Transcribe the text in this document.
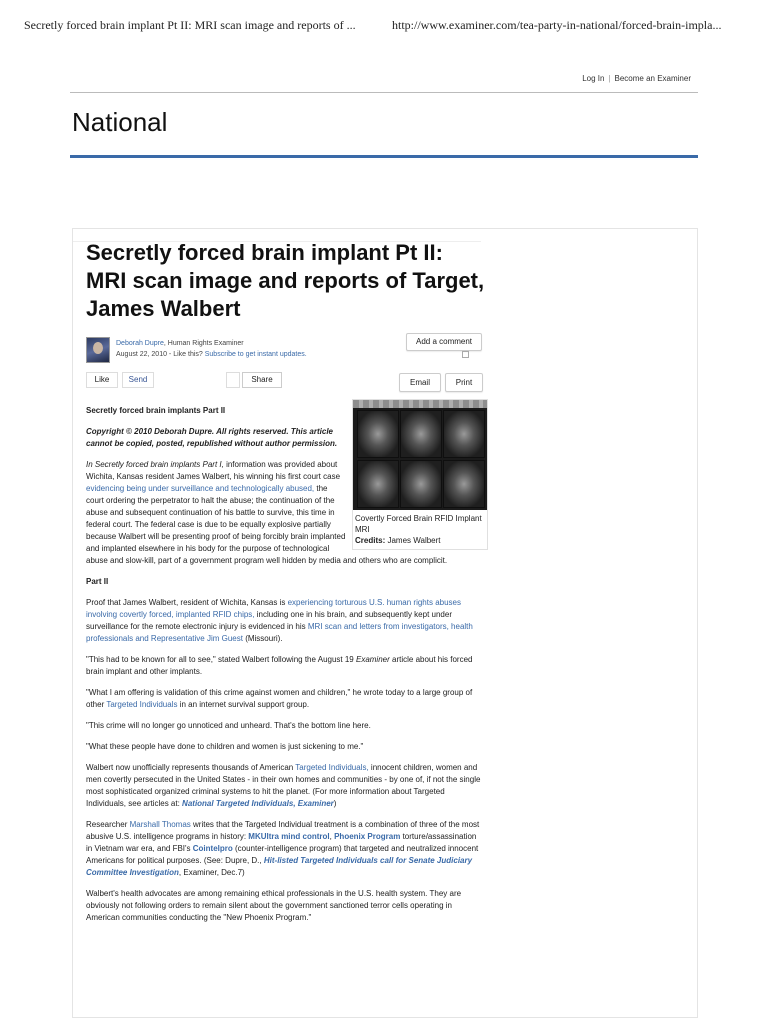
Secretly forced brain implant Pt II: MRI scan image and reports of ...	http://www.examiner.com/tea-party-in-national/forced-brain-impla...
Log In | Become an Examiner
National
Secretly forced brain implant Pt II: MRI scan image and reports of Target, James Walbert
Deborah Dupre, Human Rights Examiner
August 22, 2010 - Like this? Subscribe to get instant updates.
Add a comment
Like	Send	Share	Email	Print
Covertly Forced Brain RFID Implant MRI
Credits: James Walbert

Secretly forced brain implants Part II

Copyright © 2010 Deborah Dupre. All rights reserved. This article cannot be copied, posted, republished without author permission.

In Secretly forced brain implants Part I, information was provided about Wichita, Kansas resident James Walbert, his winning his first court case evidencing being under surveillance and technologically abused, the court ordering the perpetrator to halt the abuse; the continuation of the abuse and subsequent continuation of his battle to survive, this time in federal court. The federal case is due to be equally explosive partially because Walbert will be presenting proof of being forcibly brain implanted and implanted elsewhere in his body for the purpose of technological abuse and slow-kill, part of a government program well hidden by media and others who are complicit.

Part II

Proof that James Walbert, resident of Wichita, Kansas is experiencing torturous U.S. human rights abuses involving covertly forced, implanted RFID chips, including one in his brain, and subsequently kept under surveillance for the remote electronic injury is evidenced in his MRI scan and letters from investigators, health professionals and Representative Jim Guest (Missouri).

"This had to be known for all to see," stated Walbert following the August 19 Examiner article about his forced brain implant and other implants.

"What I am offering is validation of this crime against women and children," he wrote today to a large group of other Targeted Individuals in an internet survival support group.

"This crime will no longer go unnoticed and unheard. That's the bottom line here.

"What these people have done to children and women is just sickening to me."

Walbert now unofficially represents thousands of American Targeted Individuals, innocent children, women and men covertly persecuted in the United States - in their own homes and communities - by one of, if not the single most sophisticated organized criminal systems to hit the planet. (For more information about Targeted Individuals, see articles at: National Targeted Individuals, Examiner)

Researcher Marshall Thomas writes that the Targeted Individual treatment is a combination of three of the most abusive U.S. intelligence programs in history: MKUltra mind control, Phoenix Program torture/assassination in Vietnam war era, and FBI's Cointelpro (counter-intelligence program) that targeted and neutralized innocent Americans for political purposes. (See: Dupre, D., Hit-listed Targeted Individuals call for Senate Judiciary Committee Investigation, Examiner, Dec.7)

Walbert's health advocates are among remaining ethical professionals in the U.S. health system. They are obviously not following orders to remain silent about the government sanctioned terror cells operating in American communities conducting the "New Phoenix Program."
